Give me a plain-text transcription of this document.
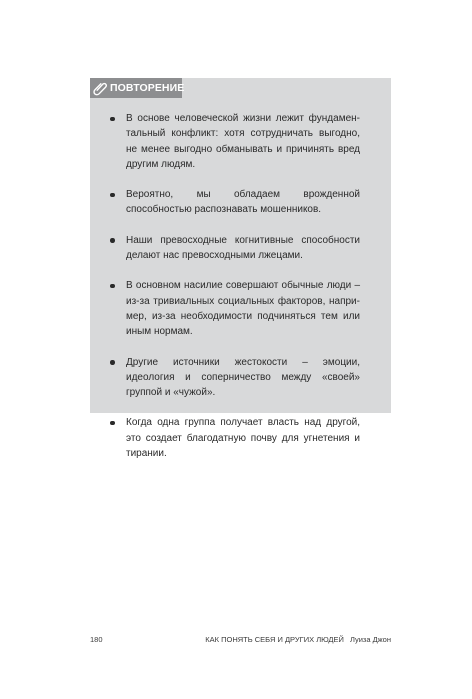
ПОВТОРЕНИЕ
В основе человеческой жизни лежит фундаментальный конфликт: хотя сотрудничать выгодно, не менее выгодно обманывать и причинять вред другим людям.
Вероятно, мы обладаем врожденной способностью распознавать мошенников.
Наши превосходные когнитивные способности делают нас превосходными лжецами.
В основном насилие совершают обычные люди – из-за тривиальных социальных факторов, например, из-за необходимости подчиняться тем или иным нормам.
Другие источники жестокости – эмоции, идеология и соперничество между «своей» группой и «чужой».
Когда одна группа получает власть над другой, это создает благодатную почву для угнетения и тирании.
180	КАК ПОНЯТЬ СЕБЯ И ДРУГИХ ЛЮДЕЙ Луиза Джон
